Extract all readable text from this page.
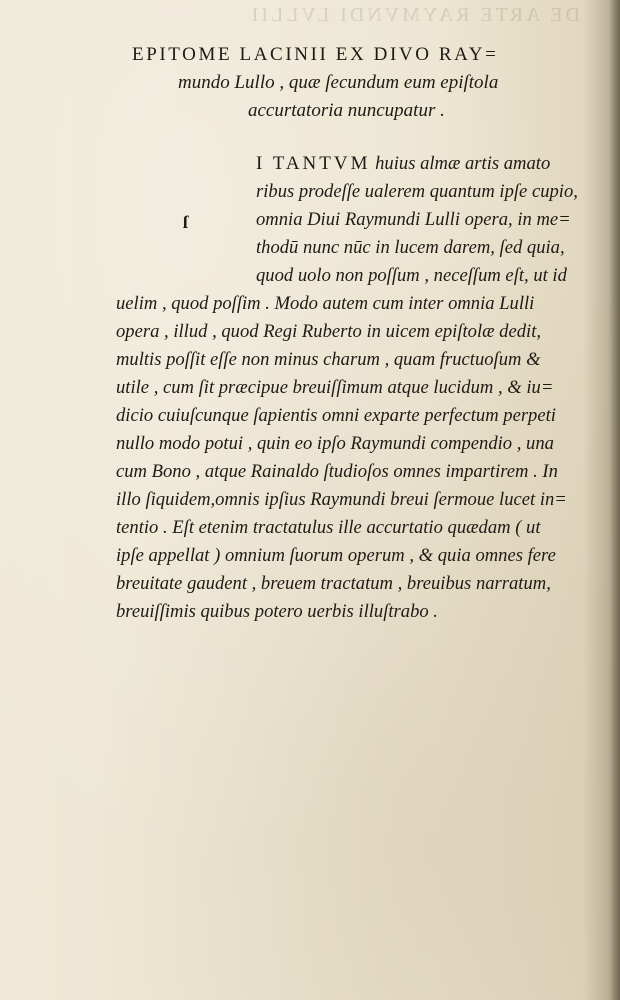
DE ARTE RAYMVNDI LVLLII
EPITOME LACINII EX DIVO RAY=
mundo Lullo , quæ ſecundum eum epiſtola
accurtatoria nuncupatur .
ſ
I TANTVM huius almæ artis amato
ribus prodeſſe ualerem quantum ipſe cupio,
omnia Diui Raymundi Lulli opera, in me=
thodū nunc nūc in lucem darem, ſed quia,
quod uolo non poſſum , neceſſum eſt, ut id
uelim , quod poſſim . Modo autem cum inter omnia Lulli
opera , illud , quod Regi Ruberto in uicem epiſtolæ dedit,
multis poſſit eſſe non minus charum , quam fructuoſum &
utile , cum ſit præcipue breuiſſimum atque lucidum , & iu=
dicio cuiuſcunque ſapientis omni exparte perfectum perpeti
nullo modo potui , quin eo ipſo Raymundi compendio , una
cum Bono , atque Rainaldo ſtudioſos omnes impartirem . In
illo ſiquidem,omnis ipſius Raymundi breui ſermoue lucet in=
tentio . Eſt etenim tractatulus ille accurtatio quædam ( ut
ipſe appellat ) omnium ſuorum operum , & quia omnes fere
breuitate gaudent , breuem tractatum , breuibus narratum,
breuiſſimis quibus potero uerbis illuſtrabo .
